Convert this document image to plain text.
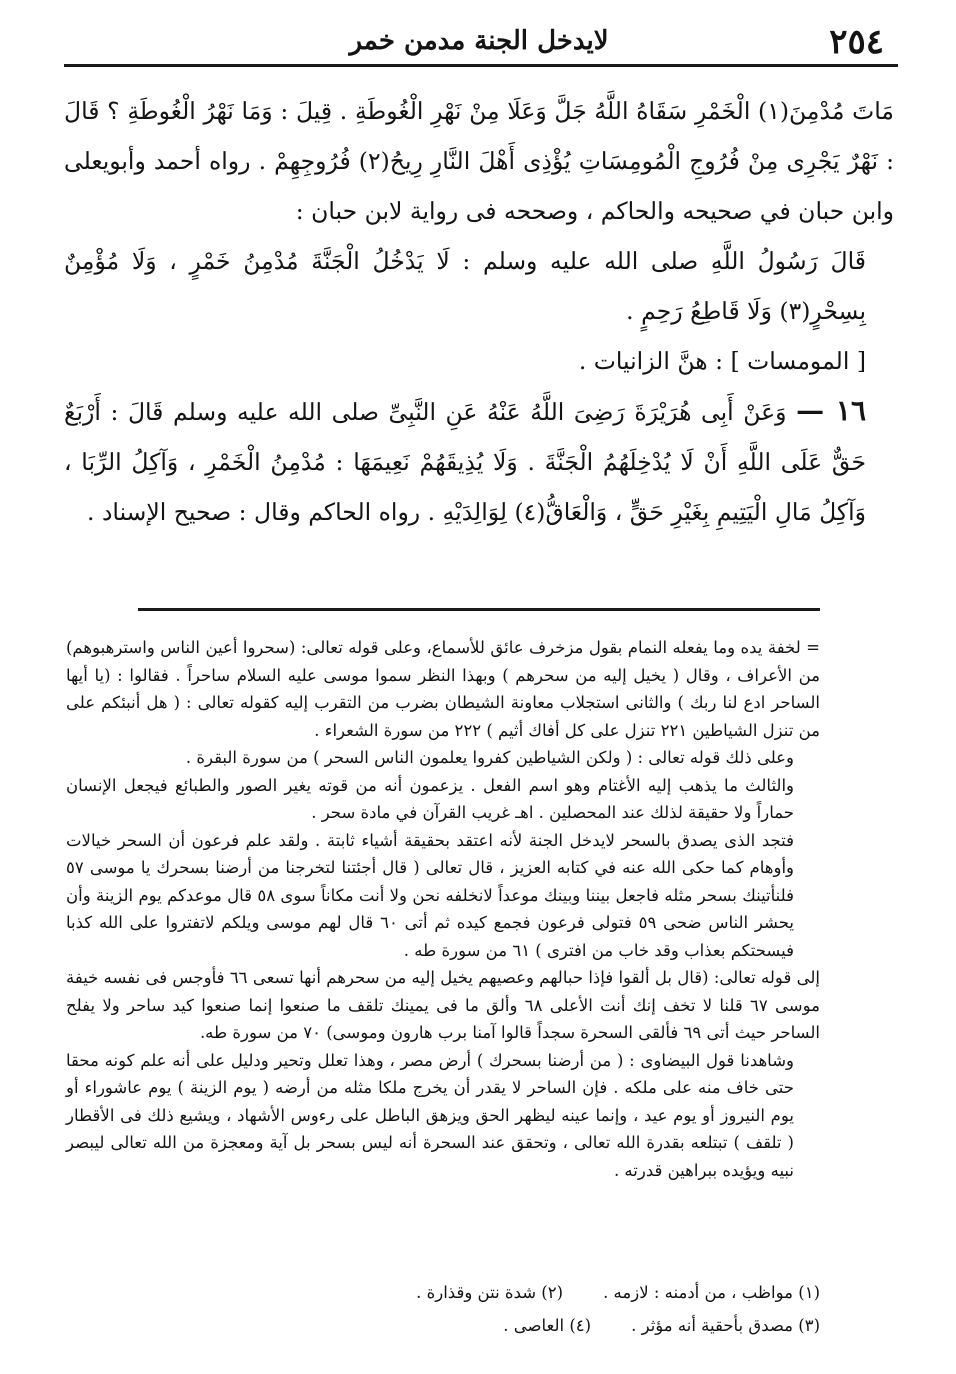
٢٥٤
لايدخل الجنة مدمن خمر

مَاتَ مُدْمِنَ(١) الْخَمْرِ سَقَاهُ اللَّهُ جَلَّ وَعَلَا مِنْ نَهْرِ الْغُوطَةِ . قِيلَ : وَمَا نَهْرُ الْغُوطَةِ ؟ قَالَ : نَهْرٌ يَجْرِى مِنْ فُرُوجِ الْمُومِسَاتِ يُؤْذِى أَهْلَ النَّارِ رِيحُ(٢) فُرُوجِهِمْ . رواه أحمد وأبويعلى وابن حبان في صحيحه والحاكم ، وصححه فى رواية لابن حبان :

قَالَ رَسُولُ اللَّهِ صلى الله عليه وسلم : لَا يَدْخُلُ الْجَنَّةَ مُدْمِنُ خَمْرٍ ، وَلَا مُؤْمِنٌ بِسِحْرٍ(٣) وَلَا قَاطِعُ رَحِمٍ .

[ المومسات ] : هنَّ الزانيات .

١٦ — وَعَنْ أَبِى هُرَيْرَةَ رَضِىَ اللَّهُ عَنْهُ عَنِ النَّبِىِّ صلى الله عليه وسلم قَالَ : أَرْبَعٌ حَقٌّ عَلَى اللَّهِ أَنْ لَا يُدْخِلَهُمُ الْجَنَّةَ . وَلَا يُذِيقَهُمْ نَعِيمَهَا : مُدْمِنُ الْخَمْرِ ، وَآكِلُ الرِّبَا ، وَآكِلُ مَالِ الْيَتِيمِ بِغَيْرِ حَقٍّ ، وَالْعَاقُّ(٤) لِوَالِدَيْهِ . رواه الحاكم وقال : صحيح الإسناد .

= لخفة يده وما يفعله النمام بقول مزخرف عائق للأسماع، وعلى قوله تعالى: (سحروا أعين الناس واسترهبوهم) من الأعراف ، وقال ( يخيل إليه من سحرهم ) وبهذا النظر سموا موسى عليه السلام ساحراً . فقالوا : (يا أيها الساحر ادع لنا ربك ) والثانى استجلاب معاونة الشيطان بضرب من التقرب إليه كقوله تعالى : ( هل أنبئكم على من تنزل الشياطين ٢٢١ تنزل على كل أفاك أثيم ) ٢٢٢ من سورة الشعراء .

وعلى ذلك قوله تعالى : ( ولكن الشياطين كفروا يعلمون الناس السحر ) من سورة البقرة .

والثالث ما يذهب إليه الأغتام وهو اسم الفعل . يزعمون أنه من قوته يغير الصور والطبائع فيجعل الإنسان حماراً ولا حقيقة لذلك عند المحصلين . اهـ غريب القرآن في مادة سحر .

فتجد الذى يصدق بالسحر لايدخل الجنة لأنه اعتقد بحقيقة أشياء ثابتة . ولقد علم فرعون أن السحر خيالات وأوهام كما حكى الله عنه في كتابه العزيز ، قال تعالى ( قال أجئتنا لتخرجنا من أرضنا بسحرك يا موسى ٥٧ فلنأتينك بسحر مثله فاجعل بيننا وبينك موعداً لانخلفه نحن ولا أنت مكاناً سوى ٥٨ قال موعدكم يوم الزينة وأن يحشر الناس ضحى ٥٩ فتولى فرعون فجمع كيده ثم أتى ٦٠ قال لهم موسى ويلكم لاتفتروا على الله كذبا فيسحتكم بعذاب وقد خاب من افترى ) ٦١ من سورة طه .

إلى قوله تعالى: (قال بل ألقوا فإذا حبالهم وعصيهم يخيل إليه من سحرهم أنها تسعى ٦٦ فأوجس فى نفسه خيفة موسى ٦٧ قلنا لا تخف إنك أنت الأعلى ٦٨ وألق ما فى يمينك تلقف ما صنعوا إنما صنعوا كيد ساحر ولا يفلح الساحر حيث أتى ٦٩ فألقى السحرة سجداً قالوا آمنا برب هارون وموسى) ٧٠ من سورة طه.

وشاهدنا قول البيضاوى : ( من أرضنا بسحرك ) أرض مصر ، وهذا تعلل وتحير ودليل على أنه علم كونه محقا حتى خاف منه على ملكه . فإن الساحر لا يقدر أن يخرج ملكا مثله من أرضه ( يوم الزينة ) يوم عاشوراء أو يوم النيروز أو يوم عيد ، وإنما عينه ليظهر الحق ويزهق الباطل على رءوس الأشهاد ، ويشيع ذلك فى الأقطار ( تلقف ) تبتلعه بقدرة الله تعالى ، وتحقق عند السحرة أنه ليس بسحر بل آية ومعجزة من الله تعالى ليبصر نبيه ويؤيده ببراهين قدرته .

(١) مواظب ، من أدمنه : لازمه .
(٢) شدة نتن وقذارة .
(٣) مصدق بأحقية أنه مؤثر .
(٤) العاصى .
